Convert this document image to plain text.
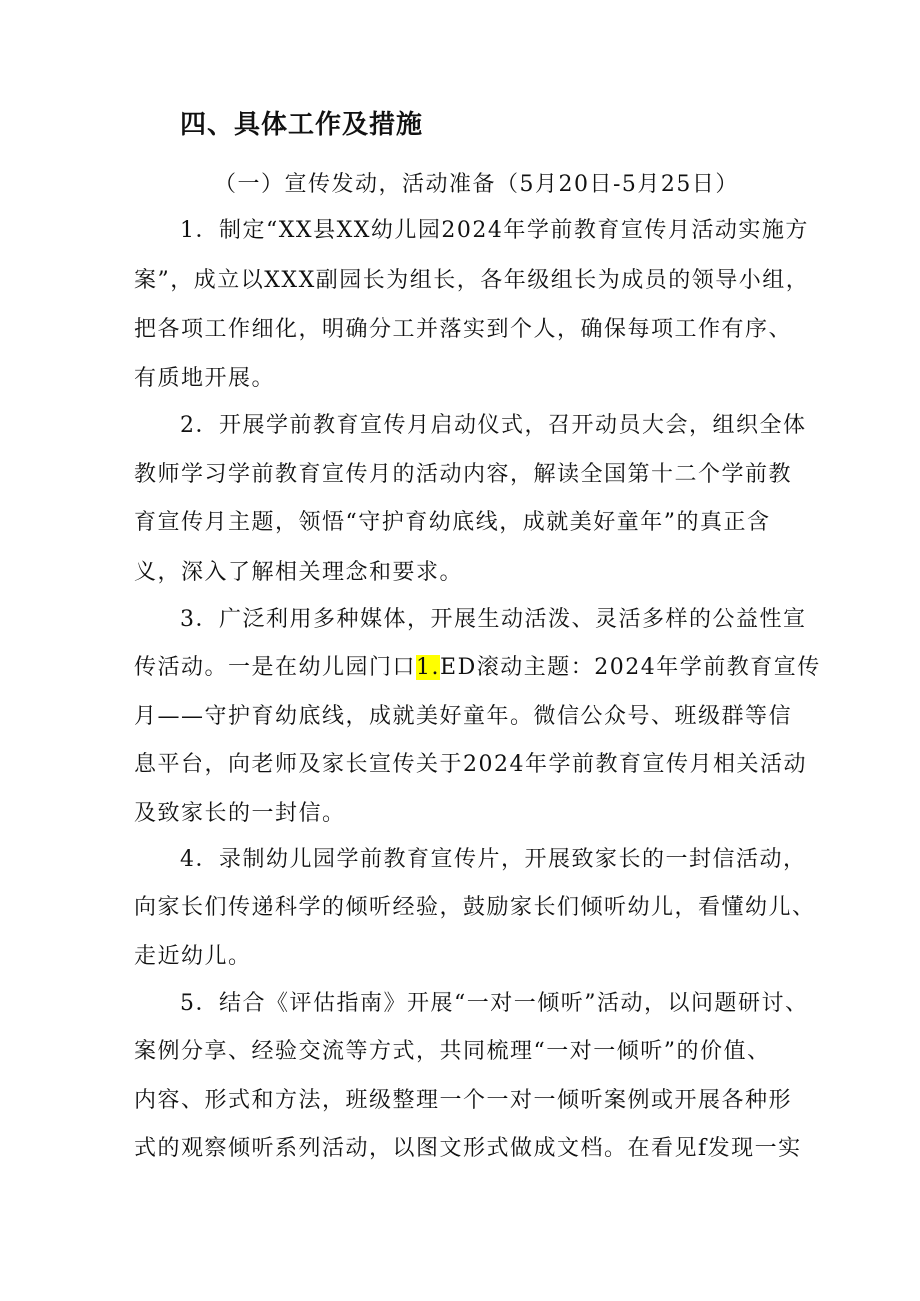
四、具体工作及措施
（一）宣传发动，活动准备（5月20日-5月25日）
1．制定“XX县XX幼儿园2024年学前教育宣传月活动实施方
案”，成立以XXX副园长为组长，各年级组长为成员的领导小组，
把各项工作细化，明确分工并落实到个人，确保每项工作有序、
有质地开展。
2．开展学前教育宣传月启动仪式，召开动员大会，组织全体
教师学习学前教育宣传月的活动内容，解读全国第十二个学前教
育宣传月主题，领悟“守护育幼底线，成就美好童年”的真正含
义，深入了解相关理念和要求。
3．广泛利用多种媒体，开展生动活泼、灵活多样的公益性宣
传活动。一是在幼儿园门口1.ED滚动主题：2024年学前教育宣传
月——守护育幼底线，成就美好童年。微信公众号、班级群等信
息平台，向老师及家长宣传关于2024年学前教育宣传月相关活动
及致家长的一封信。
4．录制幼儿园学前教育宣传片，开展致家长的一封信活动，
向家长们传递科学的倾听经验，鼓励家长们倾听幼儿，看懂幼儿、
走近幼儿。
5．结合《评估指南》开展“一对一倾听”活动，以问题研讨、
案例分享、经验交流等方式，共同梳理“一对一倾听”的价值、
内容、形式和方法，班级整理一个一对一倾听案例或开展各种形
式的观察倾听系列活动，以图文形式做成文档。在看见f发现一实
